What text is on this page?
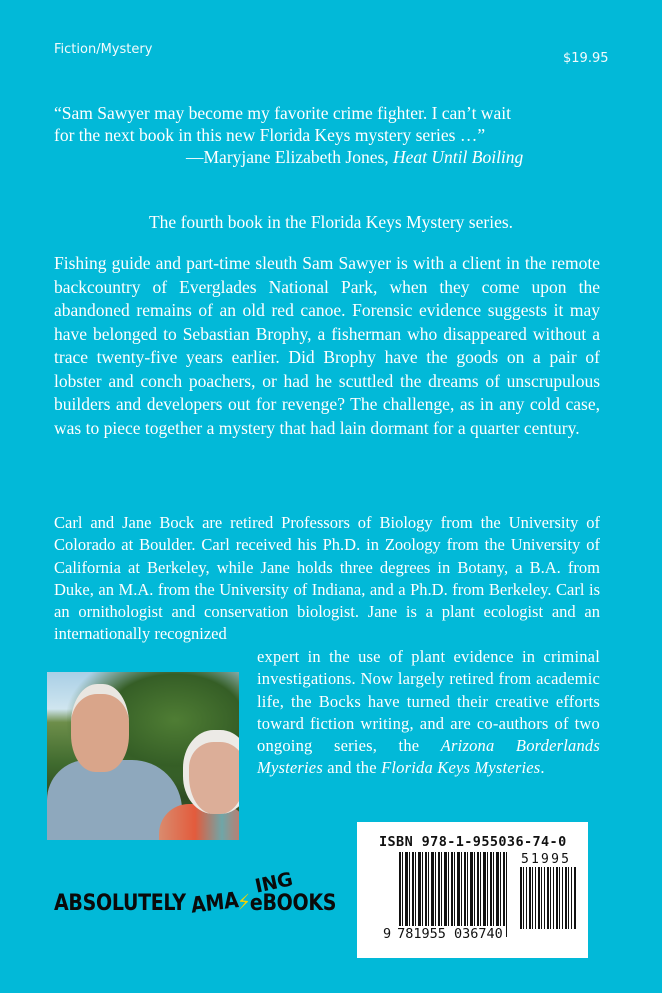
Fiction/Mystery
$19.95
“Sam Sawyer may become my favorite crime fighter. I can’t wait
for the next book in this new Florida Keys mystery series …”
—Maryjane Elizabeth Jones, Heat Until Boiling
The fourth book in the Florida Keys Mystery series.
Fishing guide and part-time sleuth Sam Sawyer is with a client in the remote backcountry of Everglades National Park, when they come upon the abandoned remains of an old red canoe. Forensic evidence suggests it may have belonged to Sebastian Brophy, a fisherman who disappeared without a trace twenty-five years earlier. Did Brophy have the goods on a pair of lobster and conch poachers, or had he scuttled the dreams of unscrupulous builders and developers out for revenge? The challenge, as in any cold case, was to piece together a mystery that had lain dormant for a quarter century.
Carl and Jane Bock are retired Professors of Biology from the University of Colorado at Boulder. Carl received his Ph.D. in Zoology from the University of California at Berkeley, while Jane holds three degrees in Botany, a B.A. from Duke, an M.A. from the University of Indiana, and a Ph.D. from Berkeley. Carl is an ornithologist and conservation biologist. Jane is a plant ecologist and an internationally recognized
expert in the use of plant evidence in criminal investigations. Now largely retired from academic life, the Bocks have turned their creative efforts toward fiction writing, and are co-authors of two ongoing series, the Arizona Borderlands Mysteries and the Florida Keys Mysteries.
ISBN 978-1-955036-74-0
51995
9 781955 036740
ABSOLUTELY AMA⚡
ING
eBOOKS
